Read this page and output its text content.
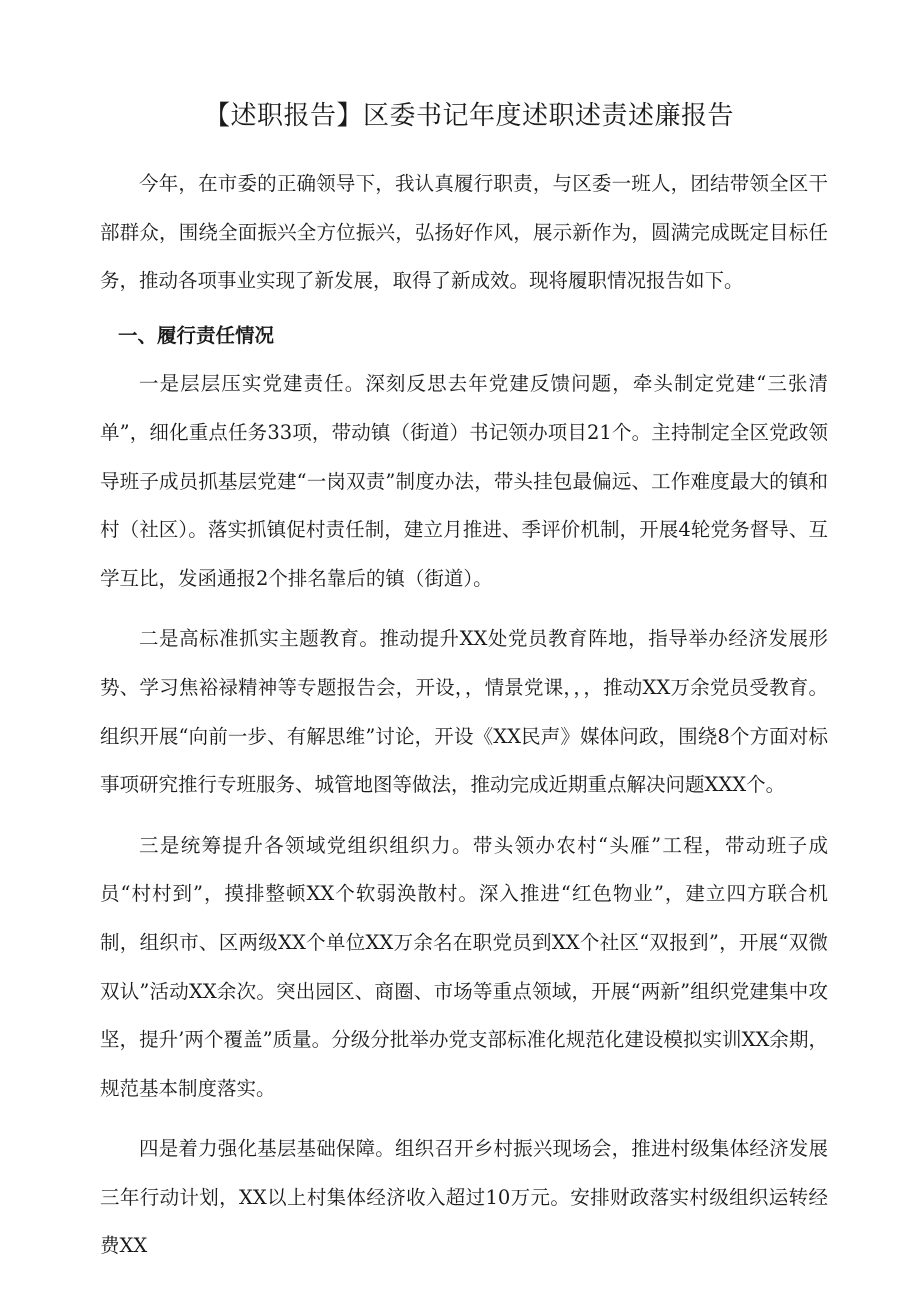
【述职报告】区委书记年度述职述责述廉报告

今年，在市委的正确领导下，我认真履行职责，与区委一班人，团结带领全区干部群众，围绕全面振兴全方位振兴，弘扬好作风，展示新作为，圆满完成既定目标任务，推动各项事业实现了新发展，取得了新成效。现将履职情况报告如下。

一、履行责任情况

一是层层压实党建责任。深刻反思去年党建反馈问题，牵头制定党建“三张清单”，细化重点任务33项，带动镇（街道）书记领办项目21个。主持制定全区党政领导班子成员抓基层党建“一岗双责”制度办法，带头挂包最偏远、工作难度最大的镇和村（社区）。落实抓镇促村责任制，建立月推进、季评价机制，开展4轮党务督导、互学互比，发函通报2个排名靠后的镇（街道）。

二是高标准抓实主题教育。推动提升XX处党员教育阵地，指导举办经济发展形势、学习焦裕禄精神等专题报告会，开设，，情景党课，，，推动XX万余党员受教育。组织开展“向前一步、有解思维”讨论，开设《XX民声》媒体问政，围绕8个方面对标事项研究推行专班服务、城管地图等做法，推动完成近期重点解决问题XXX个。

三是统筹提升各领域党组织组织力。带头领办农村“头雁”工程，带动班子成员“村村到”，摸排整顿XX个软弱涣散村。深入推进“红色物业”，建立四方联合机制，组织市、区两级XX个单位XX万余名在职党员到XX个社区“双报到”，开展“双微双认”活动XX余次。突出园区、商圈、市场等重点领域，开展“两新”组织党建集中攻坚，提升’两个覆盖”质量。分级分批举办党支部标准化规范化建设模拟实训XX余期，规范基本制度落实。

四是着力强化基层基础保障。组织召开乡村振兴现场会，推进村级集体经济发展三年行动计划，XX以上村集体经济收入超过10万元。安排财政落实村级组织运转经费XX
